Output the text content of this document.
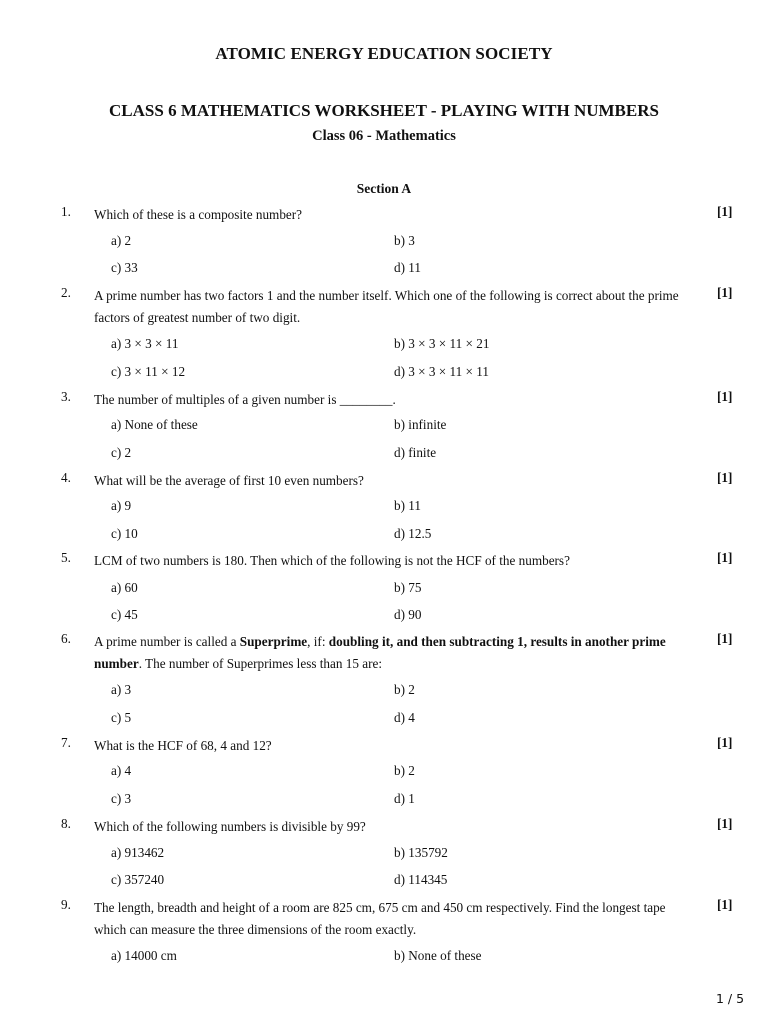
ATOMIC ENERGY EDUCATION SOCIETY
CLASS 6 MATHEMATICS WORKSHEET - PLAYING WITH NUMBERS
Class 06 - Mathematics
Section A
1. Which of these is a composite number?	[1]
a) 2	b) 3
c) 33	d) 11
2. A prime number has two factors 1 and the number itself. Which one of the following is correct about the prime
factors of greatest number of two digit.
[1]
a) 3 × 3 × 11	b) 3 × 3 × 11 × 21
c) 3 × 11 × 12	d) 3 × 3 × 11 × 11
3. The number of multiples of a given number is ________.	[1]
a) None of these	b) infinite
c) 2	d) finite
4. What will be the average of first 10 even numbers?	[1]
a) 9	b) 11
c) 10	d) 12.5
5. LCM of two numbers is 180. Then which of the following is not the HCF of the numbers?	[1]
a) 60	b) 75
c) 45	d) 90
6. A prime number is called a Superprime, if: doubling it, and then subtracting 1, results in another prime
number. The number of Superprimes less than 15 are:
[1]
a) 3	b) 2
c) 5	d) 4
7. What is the HCF of 68, 4 and 12?	[1]
a) 4	b) 2
c) 3	d) 1
8. Which of the following numbers is divisible by 99?	[1]
a) 913462	b) 135792
c) 357240	d) 114345
9. The length, breadth and height of a room are 825 cm, 675 cm and 450 cm respectively. Find the longest tape
which can measure the three dimensions of the room exactly.
[1]
a) 14000 cm	b) None of these
1 / 5
